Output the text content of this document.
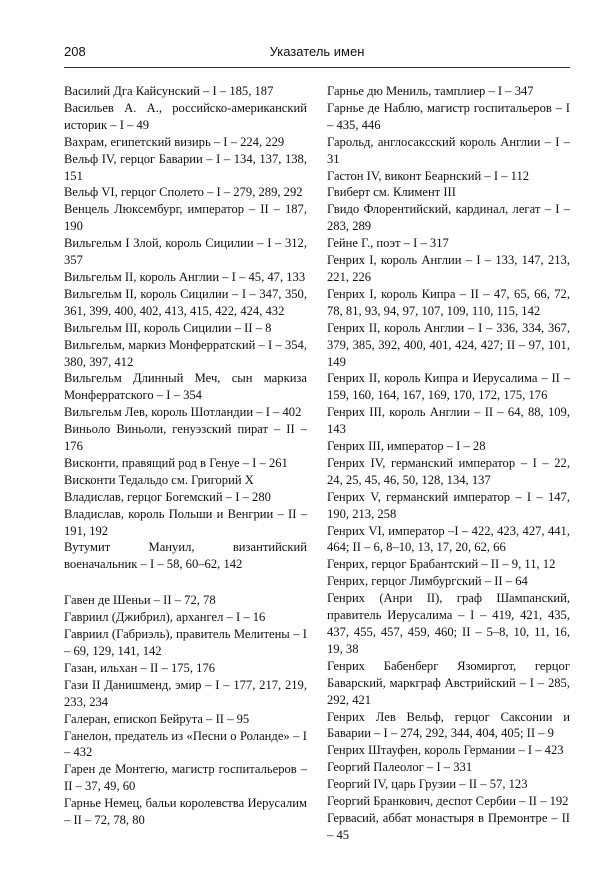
208	Указатель имен

Василий Дга Кайсунский – I – 185, 187

Васильев А. А., российско-американский историк – I – 49

Вахрам, египетский визирь – I – 224, 229

Вельф IV, герцог Баварии – I – 134, 137, 138, 151

Вельф VI, герцог Сполето – I – 279, 289, 292

Венцель Люксембург, император – II – 187, 190

Вильгельм I Злой, король Сицилии – I – 312, 357

Вильгельм II, король Англии – I – 45, 47, 133

Вильгельм II, король Сицилии – I – 347, 350, 361, 399, 400, 402, 413, 415, 422, 424, 432

Вильгельм III, король Сицилии – II – 8

Вильгельм, маркиз Монферратский – I – 354, 380, 397, 412

Вильгельм Длинный Меч, сын маркиза Монферратского – I – 354

Вильгельм Лев, король Шотландии – I – 402

Виньоло Виньоли, генуэзский пират – II – 176

Висконти, правящий род в Генуе – I – 261

Висконти Тедальдо см. Григорий X

Владислав, герцог Богемский – I – 280

Владислав, король Польши и Венгрии – II – 191, 192

Вутумит Мануил, византийский военачальник – I – 58, 60–62, 142

Гавен де Шеньи – II – 72, 78

Гавриил (Джибрил), архангел – I – 16

Гавриил (Габриэль), правитель Мелитены – I – 69, 129, 141, 142

Газан, ильхан – II – 175, 176

Гази II Данишменд, эмир – I – 177, 217, 219, 233, 234

Галеран, епископ Бейрута – II – 95

Ганелон, предатель из «Песни о Роланде» – I – 432

Гарен де Монтегю, магистр госпитальеров – II – 37, 49, 60

Гарнье Немец, бальи королевства Иерусалим – II – 72, 78, 80

Гарнье дю Мениль, тамплиер – I – 347

Гарнье де Наблю, магистр госпитальеров – I – 435, 446

Гарольд, англосаксский король Англии – I – 31

Гастон IV, виконт Беарнский – I – 112

Гвиберт см. Климент III

Гвидо Флорентийский, кардинал, легат – I – 283, 289

Гейне Г., поэт – I – 317

Генрих I, король Англии – I – 133, 147, 213, 221, 226

Генрих I, король Кипра – II – 47, 65, 66, 72, 78, 81, 93, 94, 97, 107, 109, 110, 115, 142

Генрих II, король Англии – I – 336, 334, 367, 379, 385, 392, 400, 401, 424, 427; II – 97, 101, 149

Генрих II, король Кипра и Иерусалима – II – 159, 160, 164, 167, 169, 170, 172, 175, 176

Генрих III, король Англии – II – 64, 88, 109, 143

Генрих III, император – I – 28

Генрих IV, германский император – I – 22, 24, 25, 45, 46, 50, 128, 134, 137

Генрих V, германский император – I – 147, 190, 213, 258

Генрих VI, император –I – 422, 423, 427, 441, 464; II – 6, 8–10, 13, 17, 20, 62, 66

Генрих, герцог Брабантский – II – 9, 11, 12

Генрих, герцог Лимбургский – II – 64

Генрих (Анри II), граф Шампанский, правитель Иерусалима – I – 419, 421, 435, 437, 455, 457, 459, 460; II – 5–8, 10, 11, 16, 19, 38

Генрих Бабенберг Язомиргот, герцог Баварский, маркграф Австрийский – I – 285, 292, 421

Генрих Лев Вельф, герцог Саксонии и Баварии – I – 274, 292, 344, 404, 405; II – 9

Генрих Штауфен, король Германии – I – 423

Георгий Палеолог – I – 331

Георгий IV, царь Грузии – II – 57, 123

Георгий Бранкович, деспот Сербии – II – 192

Гервасий, аббат монастыря в Премонтре – II – 45
